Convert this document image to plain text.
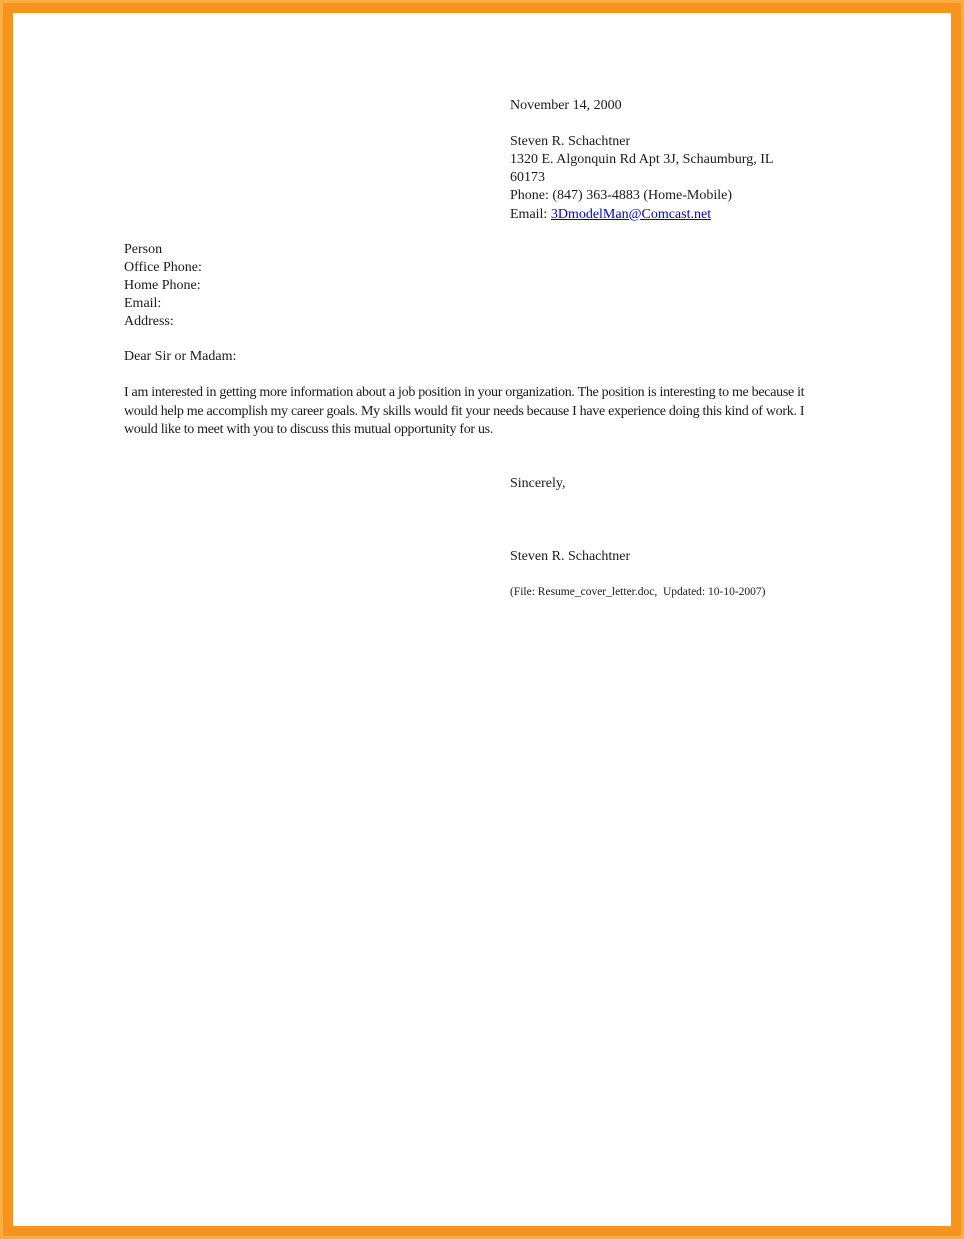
November 14, 2000
Steven R. Schachtner
1320 E. Algonquin Rd Apt 3J, Schaumburg, IL
60173
Phone: (847) 363-4883 (Home-Mobile)
Email: 3DmodelMan@Comcast.net
Person
Office Phone:
Home Phone:
Email:
Address:
Dear Sir or Madam:

I am interested in getting more information about a job position in your organization. The position is interesting to me because it would help me accomplish my career goals. My skills would fit your needs because I have experience doing this kind of work. I would like to meet with you to discuss this mutual opportunity for us.

Sincerely,
Steven R. Schachtner
(File: Resume_cover_letter.doc,  Updated: 10-10-2007)
